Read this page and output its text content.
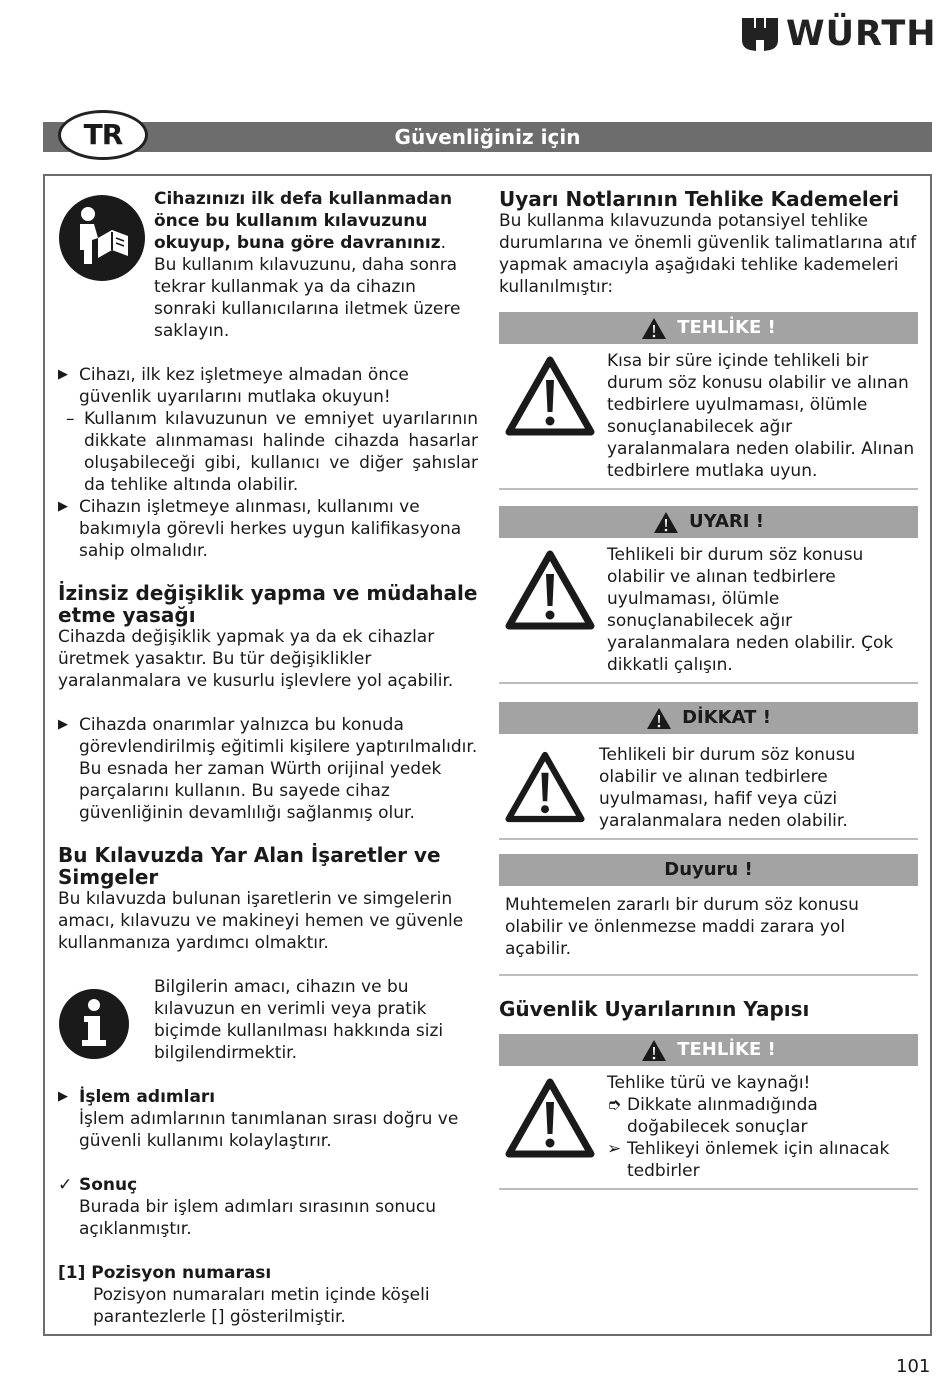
WÜRTH
Güvenliğiniz için
TR
Cihazınızı ilk defa kullanmadan önce bu kullanım kılavuzunu okuyup, buna göre davranınız.
Bu kullanım kılavuzunu, daha sonra tekrar kullanmak ya da cihazın sonraki kullanıcılarına iletmek üzere saklayın.
▶ Cihazı, ilk kez işletmeye almadan önce güvenlik uyarılarını mutlaka okuyun!
– Kullanım kılavuzunun ve emniyet uyarılarının dikkate alınmaması halinde cihazda hasarlar oluşabileceği gibi, kullanıcı ve diğer şahıslar da tehlike altında olabilir.
▶ Cihazın işletmeye alınması, kullanımı ve bakımıyla görevli herkes uygun kalifikasyona sahip olmalıdır.
İzinsiz değişiklik yapma ve müdahale etme yasağı
Cihazda değişiklik yapmak ya da ek cihazlar üretmek yasaktır. Bu tür değişiklikler yaralanmalara ve kusurlu işlevlere yol açabilir.
▶ Cihazda onarımlar yalnızca bu konuda görevlendirilmiş eğitimli kişilere yaptırılmalıdır. Bu esnada her zaman Würth orijinal yedek parçalarını kullanın. Bu sayede cihaz güvenliğinin devamlılığı sağlanmış olur.
Bu Kılavuzda Yar Alan İşaretler ve Simgeler
Bu kılavuzda bulunan işaretlerin ve simgelerin amacı, kılavuzu ve makineyi hemen ve güvenle kullanmanıza yardımcı olmaktır.
Bilgilerin amacı, cihazın ve bu kılavuzun en verimli veya pratik biçimde kullanılması hakkında sizi bilgilendirmektir.
▶ İşlem adımları
İşlem adımlarının tanımlanan sırası doğru ve güvenli kullanımı kolaylaştırır.
✓ Sonuç
Burada bir işlem adımları sırasının sonucu açıklanmıştır.
[1] Pozisyon numarası
Pozisyon numaraları metin içinde köşeli parantezlerle [] gösterilmiştir.
Uyarı Notlarının Tehlike Kademeleri
Bu kullanma kılavuzunda potansiyel tehlike durumlarına ve önemli güvenlik talimatlarına atıf yapmak amacıyla aşağıdaki tehlike kademeleri kullanılmıştır:
TEHLİKE !
Kısa bir süre içinde tehlikeli bir durum söz konusu olabilir ve alınan tedbirlere uyulmaması, ölümle sonuçlanabilecek ağır yaralanmalara neden olabilir. Alınan tedbirlere mutlaka uyun.
UYARI !
Tehlikeli bir durum söz konusu olabilir ve alınan tedbirlere uyulmaması, ölümle sonuçlanabilecek ağır yaralanmalara neden olabilir. Çok dikkatli çalışın.
DİKKAT !
Tehlikeli bir durum söz konusu olabilir ve alınan tedbirlere uyulmaması, hafif veya cüzi yaralanmalara neden olabilir.
Duyuru !
Muhtemelen zararlı bir durum söz konusu olabilir ve önlenmezse maddi zarara yol açabilir.
Güvenlik Uyarılarının Yapısı
TEHLİKE !
Tehlike türü ve kaynağı!
➮ Dikkate alınmadığında doğabilecek sonuçlar
➢ Tehlikeyi önlemek için alınacak tedbirler
101
